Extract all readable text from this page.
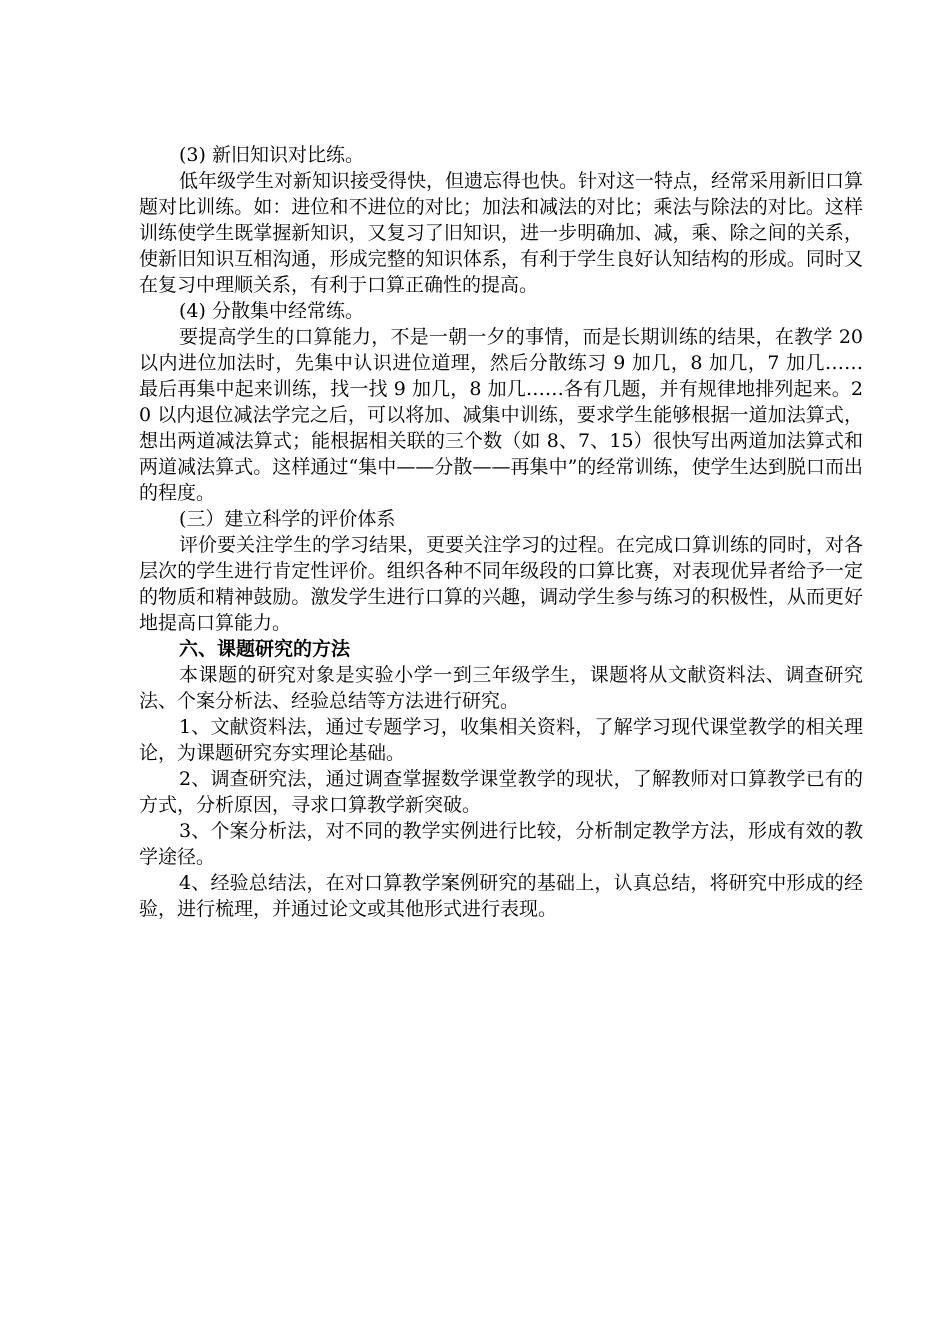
(3) 新旧知识对比练。

低年级学生对新知识接受得快，但遗忘得也快。针对这一特点，经常采用新旧口算题对比训练。如：进位和不进位的对比；加法和减法的对比；乘法与除法的对比。这样训练使学生既掌握新知识，又复习了旧知识，进一步明确加、减，乘、除之间的关系，使新旧知识互相沟通，形成完整的知识体系，有利于学生良好认知结构的形成。同时又在复习中理顺关系，有利于口算正确性的提高。

(4) 分散集中经常练。

要提高学生的口算能力，不是一朝一夕的事情，而是长期训练的结果，在教学 20 以内进位加法时，先集中认识进位道理，然后分散练习 9 加几，8 加几，7 加几……最后再集中起来训练，找一找 9 加几，8 加几……各有几题，并有规律地排列起来。20 以内退位减法学完之后，可以将加、减集中训练，要求学生能够根据一道加法算式，想出两道减法算式；能根据相关联的三个数（如 8、7、15）很快写出两道加法算式和两道减法算式。这样通过“集中——分散——再集中”的经常训练，使学生达到脱口而出的程度。

(三）建立科学的评价体系

评价要关注学生的学习结果，更要关注学习的过程。在完成口算训练的同时，对各层次的学生进行肯定性评价。组织各种不同年级段的口算比赛，对表现优异者给予一定的物质和精神鼓励。激发学生进行口算的兴趣，调动学生参与练习的积极性，从而更好地提高口算能力。

六、课题研究的方法

本课题的研究对象是实验小学一到三年级学生，课题将从文献资料法、调查研究法、个案分析法、经验总结等方法进行研究。

1、文献资料法，通过专题学习，收集相关资料，了解学习现代课堂教学的相关理论，为课题研究夯实理论基础。

2、调查研究法，通过调查掌握数学课堂教学的现状，了解教师对口算教学已有的方式，分析原因，寻求口算教学新突破。

3、个案分析法，对不同的教学实例进行比较，分析制定教学方法，形成有效的教学途径。

4、经验总结法，在对口算教学案例研究的基础上，认真总结，将研究中形成的经验，进行梳理，并通过论文或其他形式进行表现。
